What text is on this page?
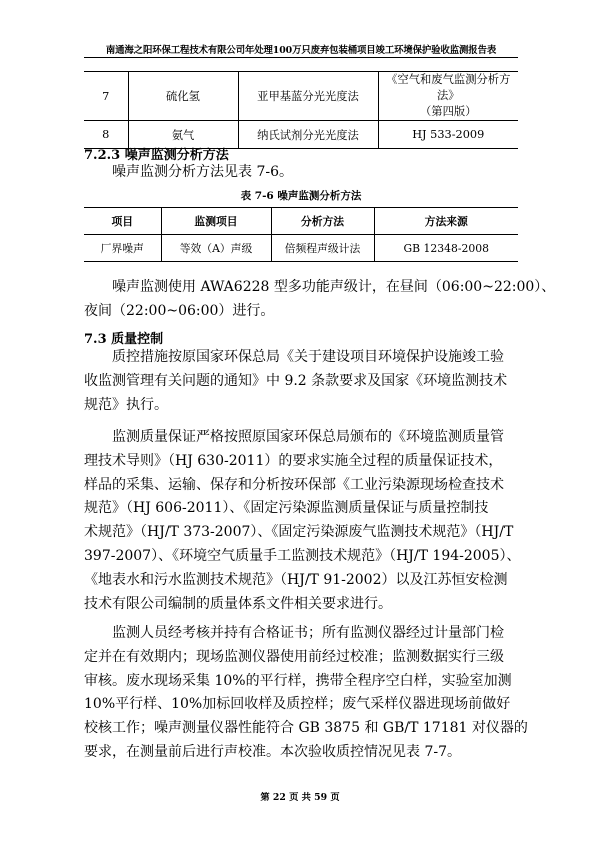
南通海之阳环保工程技术有限公司年处理100万只废弃包装桶项目竣工环境保护验收监测报告表
7	硫化氢	亚甲基蓝分光光度法	《空气和废气监测分析方法》
（第四版）

8	氨气	纳氏试剂分光光度法	HJ 533-2009
7.2.3 噪声监测分析方法
噪声监测分析方法见表 7-6。
表 7-6 噪声监测分析方法
项目	监测项目	分析方法	方法来源
厂界噪声	等效（A）声级	倍频程声级计法	GB 12348-2008
噪声监测使用 AWA6228 型多功能声级计，在昼间（06:00~22:00）、
夜间（22:00~06:00）进行。
7.3 质量控制
质控措施按原国家环保总局《关于建设项目环境保护设施竣工验
收监测管理有关问题的通知》中 9.2 条款要求及国家《环境监测技术
规范》执行。
监测质量保证严格按照原国家环保总局颁布的《环境监测质量管
理技术导则》（HJ 630-2011）的要求实施全过程的质量保证技术，
样品的采集、运输、保存和分析按环保部《工业污染源现场检查技术
规范》（HJ 606-2011）、《固定污染源监测质量保证与质量控制技
术规范》（HJ/T 373-2007）、《固定污染源废气监测技术规范》（HJ/T
397-2007）、《环境空气质量手工监测技术规范》（HJ/T 194-2005）、
《地表水和污水监测技术规范》（HJ/T 91-2002）以及江苏恒安检测
技术有限公司编制的质量体系文件相关要求进行。
监测人员经考核并持有合格证书；所有监测仪器经过计量部门检
定并在有效期内；现场监测仪器使用前经过校准；监测数据实行三级
审核。废水现场采集 10%的平行样，携带全程序空白样，实验室加测
10%平行样、10%加标回收样及质控样；废气采样仪器进现场前做好
校核工作；噪声测量仪器性能符合 GB 3875 和 GB/T 17181 对仪器的
要求，在测量前后进行声校准。本次验收质控情况见表 7-7。
第 22 页 共 59 页
